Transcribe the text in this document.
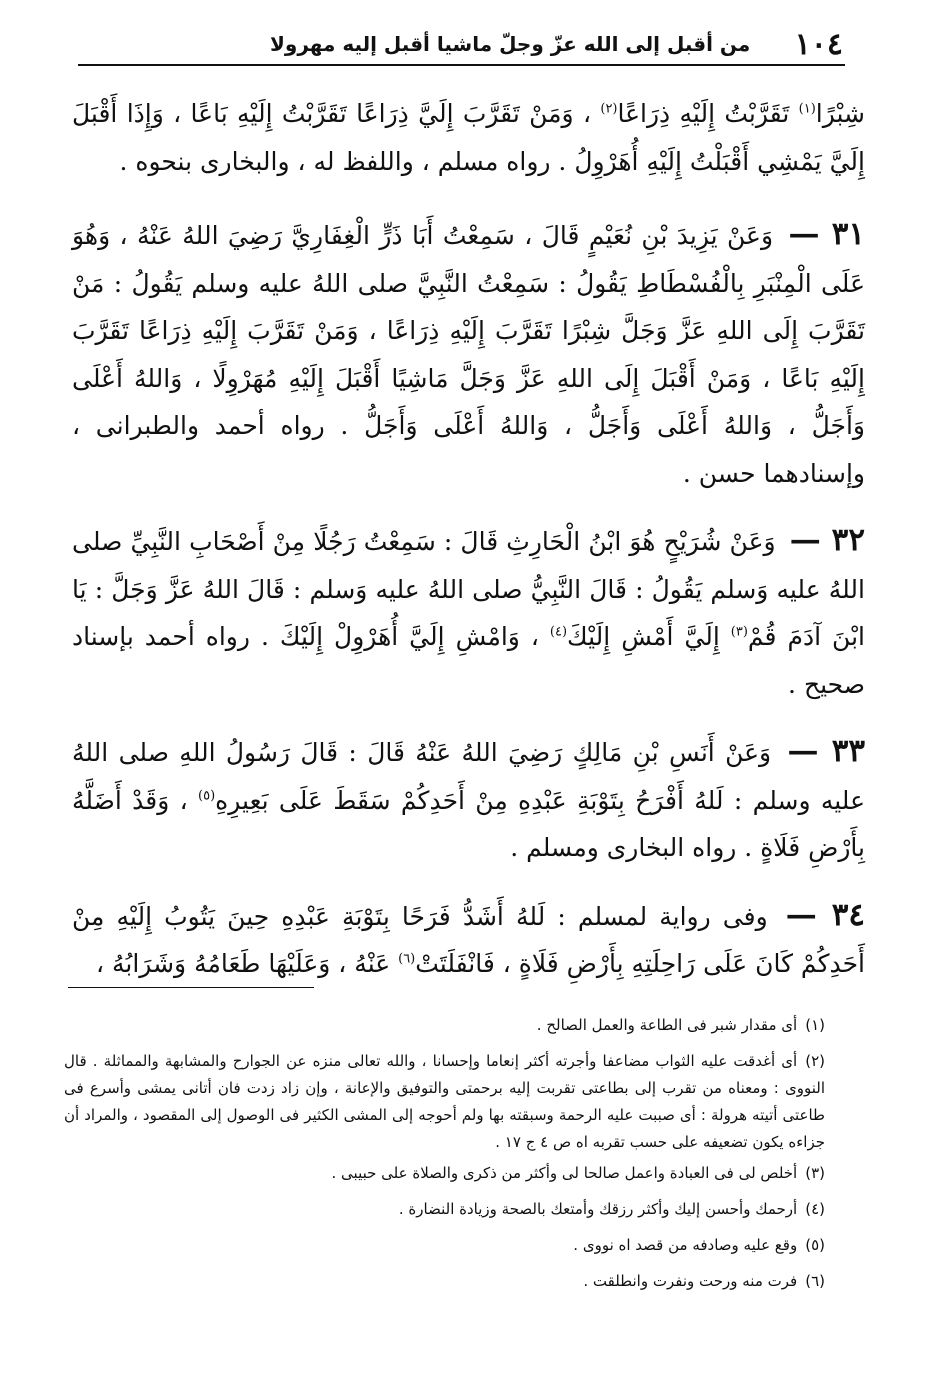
١٠٤
من أقبل إلى الله عزّ وجلّ ماشيا أقبل إليه مهرولا

شِبْرًا$^{(١)}$ تَقَرَّبْتُ إِلَيْهِ ذِرَاعًا$^{(٢)}$ ، وَمَنْ تَقَرَّبَ إِلَيَّ ذِرَاعًا تَقَرَّبْتُ إِلَيْهِ بَاعًا ، وَإِذَا أَقْبَلَ إِلَيَّ يَمْشِي أَقْبَلْتُ إِلَيْهِ أُهَرْوِلُ . رواه مسلم ، واللفظ له ، والبخارى بنحوه .

٣١ — وَعَنْ يَزِيدَ بْنِ نُعَيْمٍ قَالَ ، سَمِعْتُ أَبَا ذَرٍّ الْغِفَارِيَّ رَضِيَ اللهُ عَنْهُ ، وَهُوَ عَلَى الْمِنْبَرِ بِالْفُسْطَاطِ يَقُولُ : سَمِعْتُ النَّبِيَّ صلى اللهُ عليه وسلم يَقُولُ : مَنْ تَقَرَّبَ إِلَى اللهِ عَزَّ وَجَلَّ شِبْرًا تَقَرَّبَ إِلَيْهِ ذِرَاعًا ، وَمَنْ تَقَرَّبَ إِلَيْهِ ذِرَاعًا تَقَرَّبَ إِلَيْهِ بَاعًا ، وَمَنْ أَقْبَلَ إِلَى اللهِ عَزَّ وَجَلَّ مَاشِيًا أَقْبَلَ إِلَيْهِ مُهَرْوِلًا ، وَاللهُ أَعْلَى وَأَجَلُّ ، وَاللهُ أَعْلَى وَأَجَلُّ ، وَاللهُ أَعْلَى وَأَجَلُّ . رواه أحمد والطبرانى ، وإسنادهما حسن .

٣٢ — وَعَنْ شُرَيْحٍ هُوَ ابْنُ الْحَارِثِ قَالَ : سَمِعْتُ رَجُلًا مِنْ أَصْحَابِ النَّبِيِّ صلى اللهُ عليه وَسلم يَقُولُ : قَالَ النَّبِيُّ صلى اللهُ عليه وَسلم : قَالَ اللهُ عَزَّ وَجَلَّ : يَا ابْنَ آدَمَ قُمْ$^{(٣)}$ إِلَيَّ أَمْشِ إِلَيْكَ$^{(٤)}$ ، وَامْشِ إِلَيَّ أُهَرْوِلْ إِلَيْكَ . رواه أحمد بإسناد صحيح .

٣٣ — وَعَنْ أَنَسِ بْنِ مَالِكٍ رَضِيَ اللهُ عَنْهُ قَالَ : قَالَ رَسُولُ اللهِ صلى اللهُ عليه وسلم : لَلهُ أَفْرَحُ بِتَوْبَةِ عَبْدِهِ مِنْ أَحَدِكُمْ سَقَطَ عَلَى بَعِيرِهِ$^{(٥)}$ ، وَقَدْ أَضَلَّهُ بِأَرْضِ فَلَاةٍ . رواه البخارى ومسلم .

٣٤ — وفى رواية لمسلم : لَلهُ أَشَدُّ فَرَحًا بِتَوْبَةِ عَبْدِهِ حِينَ يَتُوبُ إِلَيْهِ مِنْ أَحَدِكُمْ كَانَ عَلَى رَاحِلَتِهِ بِأَرْضِ فَلَاةٍ ، فَانْفَلَتَتْ$^{(٦)}$ عَنْهُ ، وَعَلَيْهَا طَعَامُهُ وَشَرَابُهُ ،

(١)أى مقدار شبر فى الطاعة والعمل الصالح .

(٢)أى أغدقت عليه الثواب مضاعفا وأجرته أكثر إنعاما وإحسانا ، والله تعالى منزه عن الجوارح والمشابهة والمماثلة . قال النووى : ومعناه من تقرب إلى بطاعتى تقربت إليه برحمتى والتوفيق والإعانة ، وإن زاد زدت فان أتانى يمشى وأسرع فى طاعتى أتيته هرولة : أى صببت عليه الرحمة وسبقته بها ولم أحوجه إلى المشى الكثير فى الوصول إلى المقصود ، والمراد أن جزاءه يكون تضعيفه على حسب تقربه اه ص ٤ ج ١٧ .

(٣)أخلص لى فى العبادة واعمل صالحا لى وأكثر من ذكرى والصلاة على حبيبى .

(٤)أرحمك وأحسن إليك وأكثر رزقك وأمتعك بالصحة وزيادة النضارة .

(٥)وقع عليه وصادفه من قصد اه نووى .

(٦)فرت منه ورحت ونفرت وانطلقت .
